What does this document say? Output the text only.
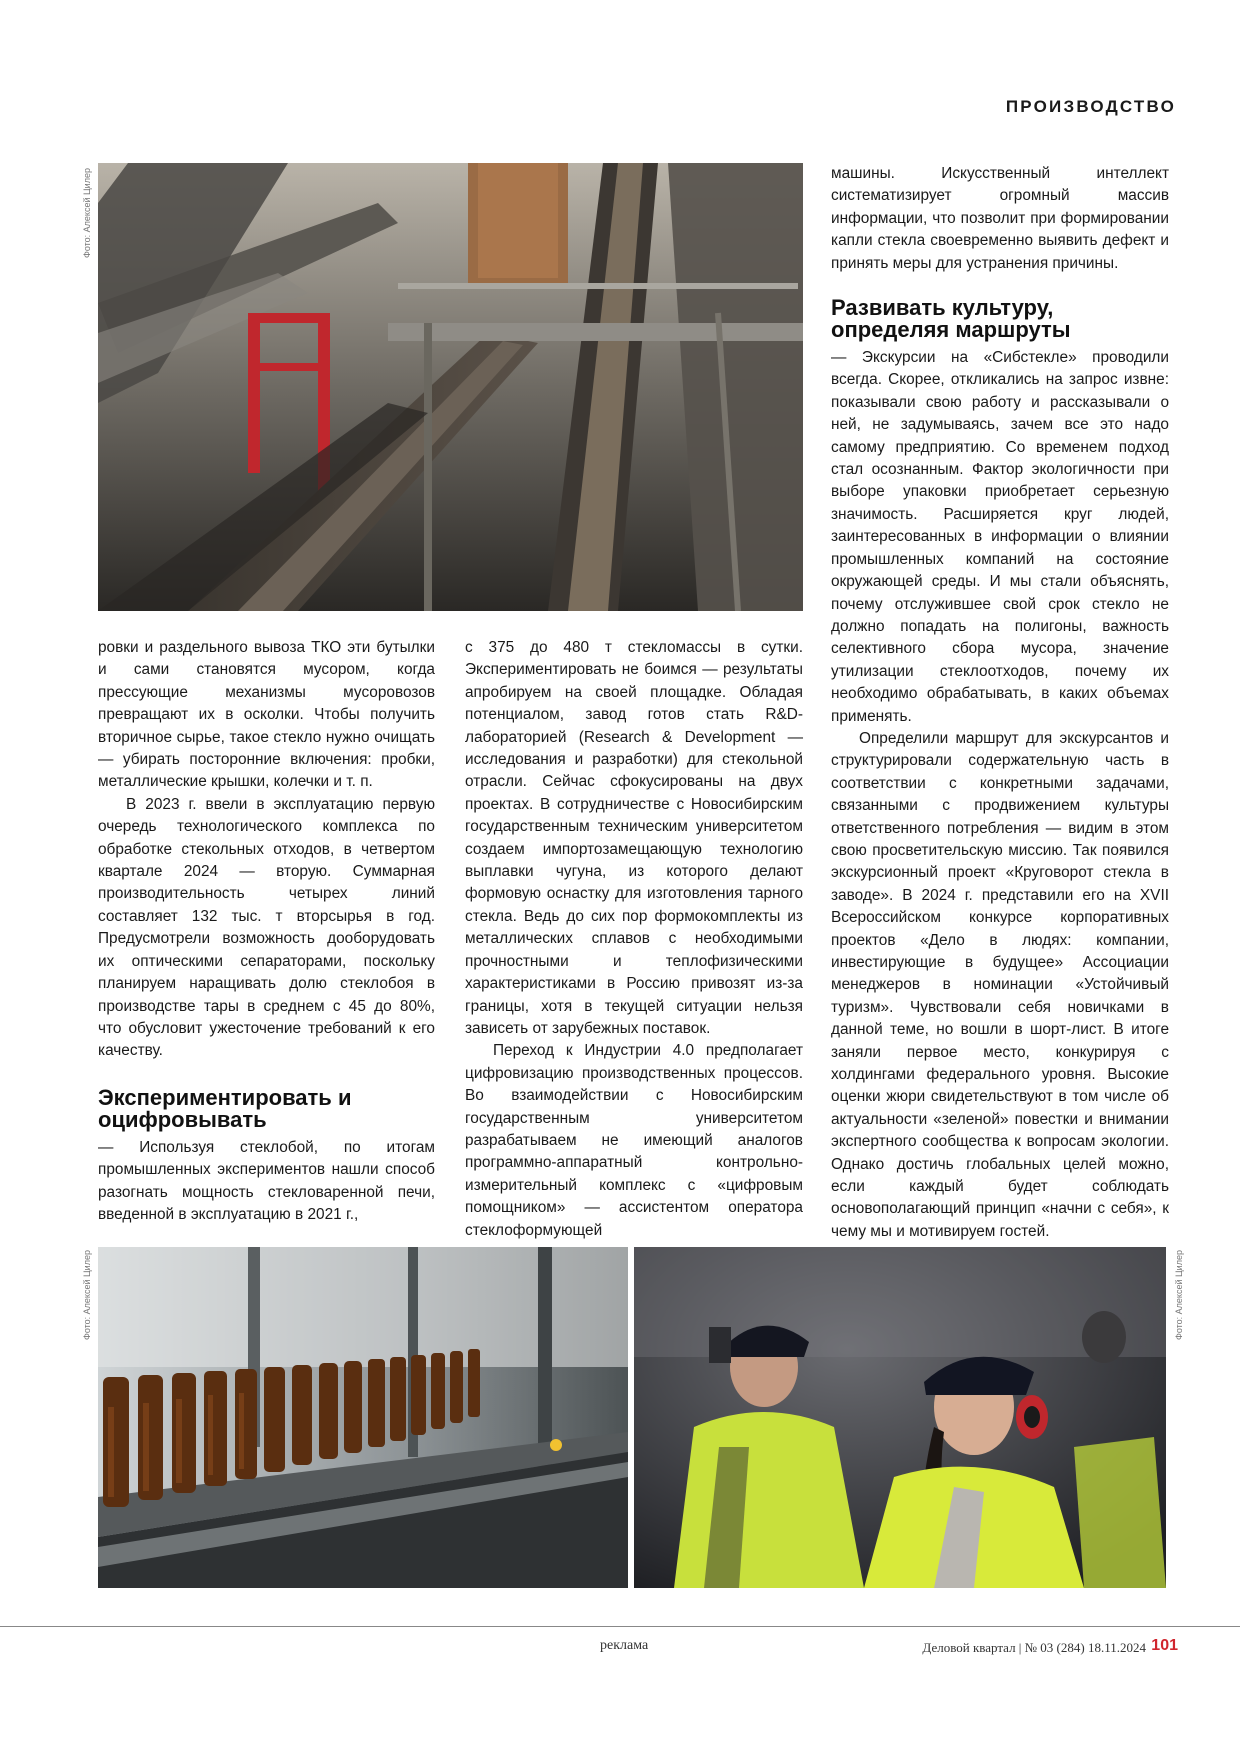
ПРОИЗВОДСТВО
Фото: Алексей Цилер

ровки и раздельного вывоза ТКО эти бутылки и сами становятся мусором, когда прессующие механизмы мусоровозов превращают их в осколки. Чтобы получить вторичное сырье, такое стекло нужно очищать — убирать посторонние включения: пробки, металлические крышки, колечки и т. п.

В 2023 г. ввели в эксплуатацию первую очередь технологического комплекса по обработке стекольных отходов, в четвертом квартале 2024 — вторую. Суммарная производительность четырех линий составляет 132 тыс. т вторсырья в год. Предусмотрели возможность дооборудовать их оптическими сепараторами, поскольку планируем наращивать долю стеклобоя в производстве тары в среднем с 45 до 80%, что обусловит ужесточение требований к его качеству.

Экспериментировать и оцифровывать

— Используя стеклобой, по итогам промышленных экспериментов нашли способ разогнать мощность стекловаренной печи, введенной в эксплуатацию в 2021 г.,

с 375 до 480 т стекломассы в сутки. Экспериментировать не боимся — результаты апробируем на своей площадке. Обладая потенциалом, завод готов стать R&D-лабораторией (Research & Development — исследования и разработки) для стекольной отрасли. Сейчас сфокусированы на двух проектах. В сотрудничестве с Новосибирским государственным техническим университетом создаем импортозамещающую технологию выплавки чугуна, из которого делают формовую оснастку для изготовления тарного стекла. Ведь до сих пор формокомплекты из металлических сплавов с необходимыми прочностными и теплофизическими характеристиками в Россию привозят из-за границы, хотя в текущей ситуации нельзя зависеть от зарубежных поставок.

Переход к Индустрии 4.0 предполагает цифровизацию производственных процессов. Во взаимодействии с Новосибирским государственным университетом разрабатываем не имеющий аналогов программно-аппаратный контрольно-измерительный комплекс с «цифровым помощником» — ассистентом оператора стеклоформующей

машины. Искусственный интеллект систематизирует огромный массив информации, что позволит при формировании капли стекла своевременно выявить дефект и принять меры для устранения причины.

Развивать культуру, определяя маршруты

— Экскурсии на «Сибстекле» проводили всегда. Скорее, откликались на запрос извне: показывали свою работу и рассказывали о ней, не задумываясь, зачем все это надо самому предприятию. Со временем подход стал осознанным. Фактор экологичности при выборе упаковки приобретает серьезную значимость. Расширяется круг людей, заинтересованных в информации о влиянии промышленных компаний на состояние окружающей среды. И мы стали объяснять, почему отслужившее свой срок стекло не должно попадать на полигоны, важность селективного сбора мусора, значение утилизации стеклоотходов, почему их необходимо обрабатывать, в каких объемах применять.

Определили маршрут для экскурсантов и структурировали содержательную часть в соответствии с конкретными задачами, связанными с продвижением культуры ответственного потребления — видим в этом свою просветительскую миссию. Так появился экскурсионный проект «Круговорот стекла в заводе». В 2024 г. представили его на XVII Всероссийском конкурсе корпоративных проектов «Дело в людях: компании, инвестирующие в будущее» Ассоциации менеджеров в номинации «Устойчивый туризм». Чувствовали себя новичками в данной теме, но вошли в шорт-лист. В итоге заняли первое место, конкурируя с холдингами федерального уровня. Высокие оценки жюри свидетельствуют в том числе об актуальности «зеленой» повестки и внимании экспертного сообщества к вопросам экологии. Однако достичь глобальных целей можно, если каждый будет соблюдать основополагающий принцип «начни с себя», к чему мы и мотивируем гостей.

Фото: Алексей Цилер	Фото: Алексей Цилер
реклама	Деловой квартал | № 03 (284) 18.11.2024 101
